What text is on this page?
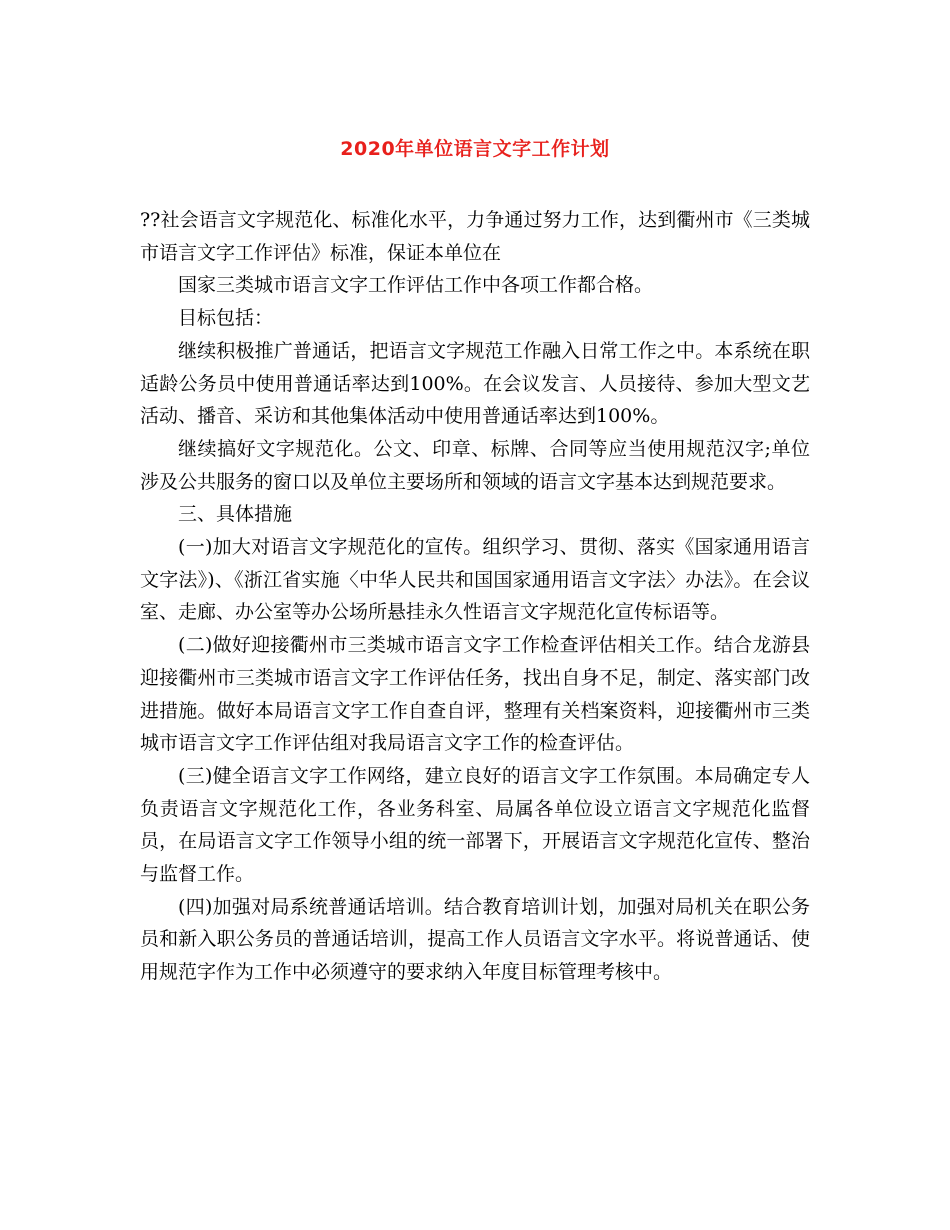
2020年单位语言文字工作计划

??社会语言文字规范化、标准化水平，力争通过努力工作，达到衢州市《三类城市语言文字工作评估》标准，保证本单位在

国家三类城市语言文字工作评估工作中各项工作都合格。

目标包括：

继续积极推广普通话，把语言文字规范工作融入日常工作之中。本系统在职适龄公务员中使用普通话率达到100%。在会议发言、人员接待、参加大型文艺活动、播音、采访和其他集体活动中使用普通话率达到100%。

继续搞好文字规范化。公文、印章、标牌、合同等应当使用规范汉字;单位涉及公共服务的窗口以及单位主要场所和领域的语言文字基本达到规范要求。

三、具体措施

(一)加大对语言文字规范化的宣传。组织学习、贯彻、落实《国家通用语言文字法》)、《浙江省实施〈中华人民共和国国家通用语言文字法〉办法》。在会议室、走廊、办公室等办公场所悬挂永久性语言文字规范化宣传标语等。

(二)做好迎接衢州市三类城市语言文字工作检查评估相关工作。结合龙游县迎接衢州市三类城市语言文字工作评估任务，找出自身不足，制定、落实部门改进措施。做好本局语言文字工作自查自评，整理有关档案资料，迎接衢州市三类城市语言文字工作评估组对我局语言文字工作的检查评估。

(三)健全语言文字工作网络，建立良好的语言文字工作氛围。本局确定专人负责语言文字规范化工作，各业务科室、局属各单位设立语言文字规范化监督员，在局语言文字工作领导小组的统一部署下，开展语言文字规范化宣传、整治与监督工作。

(四)加强对局系统普通话培训。结合教育培训计划，加强对局机关在职公务员和新入职公务员的普通话培训，提高工作人员语言文字水平。将说普通话、使用规范字作为工作中必须遵守的要求纳入年度目标管理考核中。
